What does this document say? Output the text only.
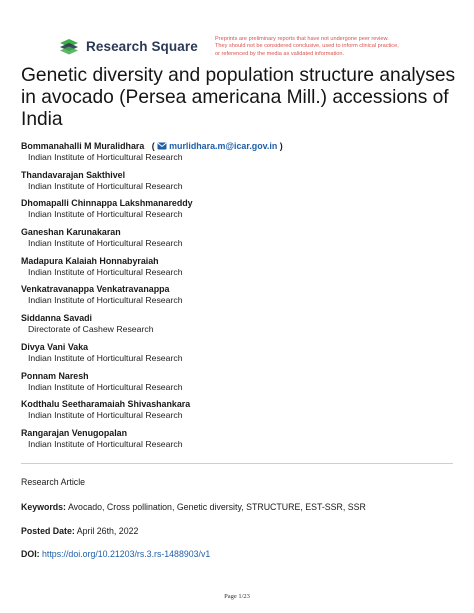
Research Square	Preprints are preliminary reports that have not undergone peer review.
They should not be considered conclusive, used to inform clinical practice,
or referenced by the media as validated information.
Genetic diversity and population structure analyses
in avocado (Persea americana Mill.) accessions of
India
Bommanahalli M Muralidhara ( murlidhara.m@icar.gov.in )
Indian Institute of Horticultural Research
Thandavarajan Sakthivel
Indian Institute of Horticultural Research
Dhomapalli Chinnappa Lakshmanareddy
Indian Institute of Horticultural Research
Ganeshan Karunakaran
Indian Institute of Horticultural Research
Madapura Kalaiah Honnabyraiah
Indian Institute of Horticultural Research
Venkatravanappa Venkatravanappa
Indian Institute of Horticultural Research
Siddanna Savadi
Directorate of Cashew Research
Divya Vani Vaka
Indian Institute of Horticultural Research
Ponnam Naresh
Indian Institute of Horticultural Research
Kodthalu Seetharamaiah Shivashankara
Indian Institute of Horticultural Research
Rangarajan Venugopalan
Indian Institute of Horticultural Research
Research Article
Keywords: Avocado, Cross pollination, Genetic diversity, STRUCTURE, EST-SSR, SSR
Posted Date: April 26th, 2022
DOI: https://doi.org/10.21203/rs.3.rs-1488903/v1
Page 1/23
